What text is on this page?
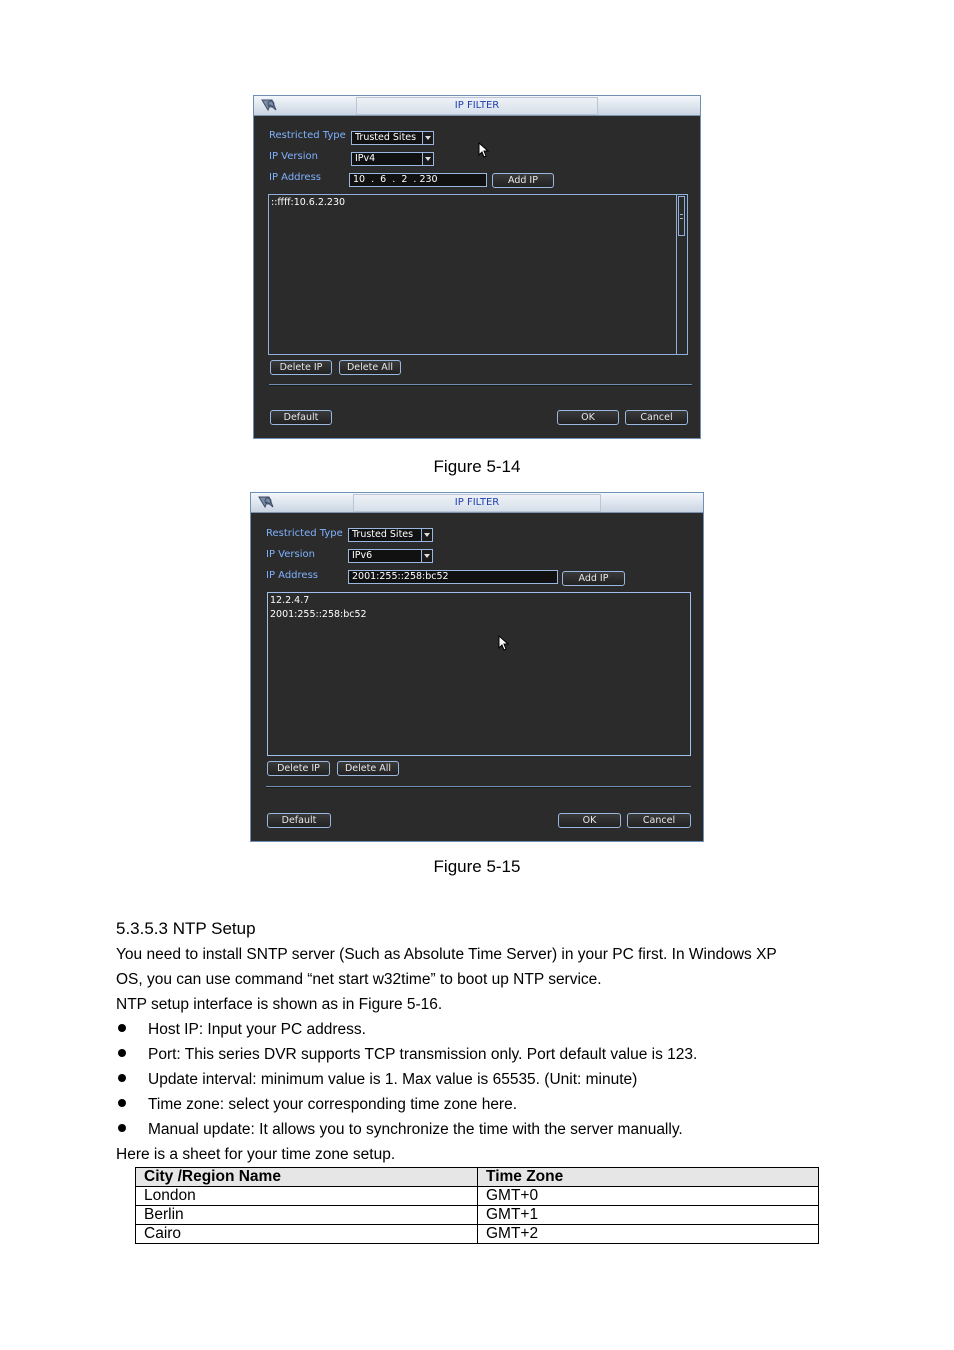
IP FILTER
Restricted Type Trusted Sites
IP Version	IPv4
IP Address	10  .  6  .  2  . 230	Add IP
::ffff:10.6.2.230
Delete IP	Delete All
Default	OK	Cancel
Figure 5-14
IP FILTER
Restricted Type Trusted Sites
IP Version	IPv6
IP Address	2001:255::258:bc52	Add IP
12.2.4.7
2001:255::258:bc52
Delete IP	Delete All
Default	OK	Cancel
Figure 5-15
5.3.5.3 NTP Setup
You need to install SNTP server (Such as Absolute Time Server) in your PC first. In Windows XP
OS, you can use command “net start w32time” to boot up NTP service.
NTP setup interface is shown as in Figure 5-16.
Host IP: Input your PC address.
Port: This series DVR supports TCP transmission only. Port default value is 123.
Update interval: minimum value is 1. Max value is 65535. (Unit: minute)
Time zone: select your corresponding time zone here.
Manual update: It allows you to synchronize the time with the server manually.
Here is a sheet for your time zone setup.
City /Region Name	Time Zone
London	GMT+0
Berlin	GMT+1
Cairo	GMT+2
